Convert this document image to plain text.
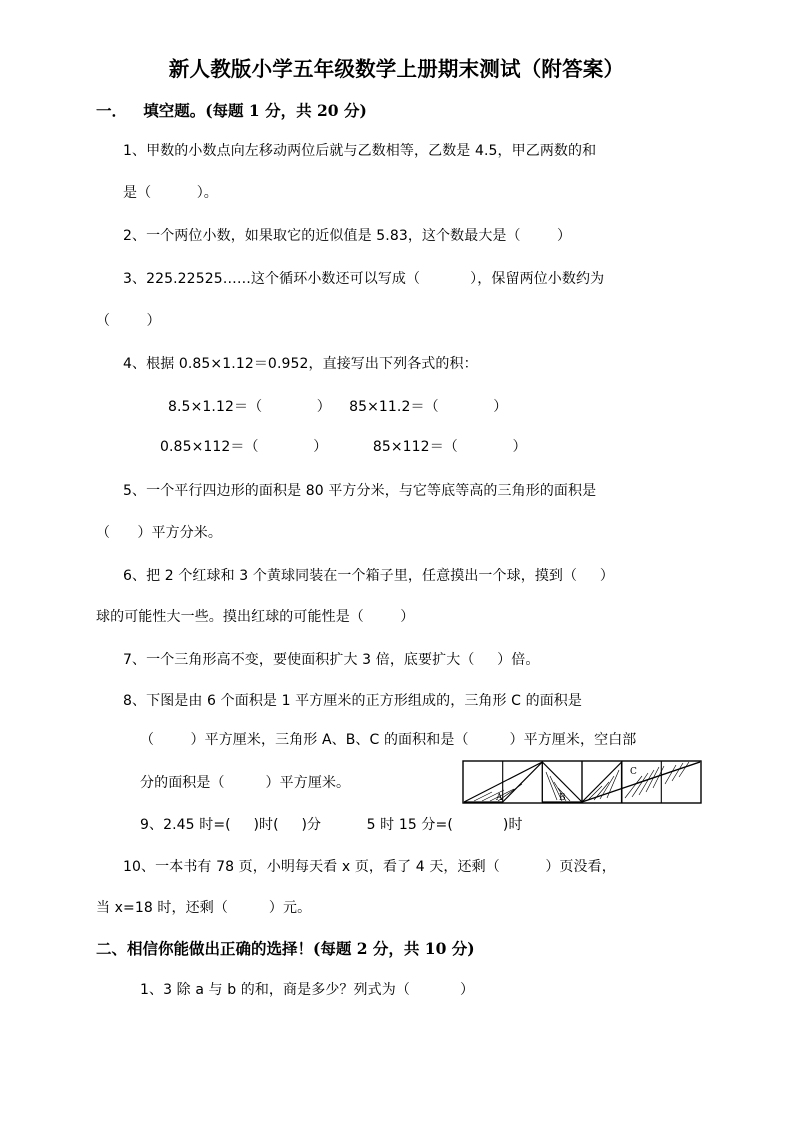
新人教版小学五年级数学上册期末测试（附答案）
一．   填空题。(每题 1 分，共 20 分)
1、甲数的小数点向左移动两位后就与乙数相等，乙数是 4.5，甲乙两数的和
是（          ）。
2、一个两位小数，如果取它的近似值是 5.83，这个数最大是（        ）
3、225.22525……这个循环小数还可以写成（           ），保留两位小数约为
（        ）
4、根据 0.85×1.12＝0.952，直接写出下列各式的积：
8.5×1.12＝（            ）    85×11.2＝（            ）
0.85×112＝（            ）          85×112＝（            ）
5、一个平行四边形的面积是 80 平方分米，与它等底等高的三角形的面积是
（      ）平方分米。
6、把 2 个红球和 3 个黄球同装在一个箱子里，任意摸出一个球，摸到（     ）
球的可能性大一些。摸出红球的可能性是（        ）
7、一个三角形高不变，要使面积扩大 3 倍，底要扩大（     ）倍。
8、下图是由 6 个面积是 1 平方厘米的正方形组成的，三角形 C 的面积是
（        ）平方厘米，三角形 A、B、C 的面积和是（         ）平方厘米，空白部
分的面积是（         ）平方厘米。
A	B
C
9、2.45 时=(     )时(     )分          5 时 15 分=(           )时
10、一本书有 78 页，小明每天看 x 页，看了 4 天，还剩（          ）页没看，
当 x=18 时，还剩（         ）元。
二、相信你能做出正确的选择！(每题 2 分，共 10 分)
1、3 除 a 与 b 的和，商是多少？列式为（           ）
